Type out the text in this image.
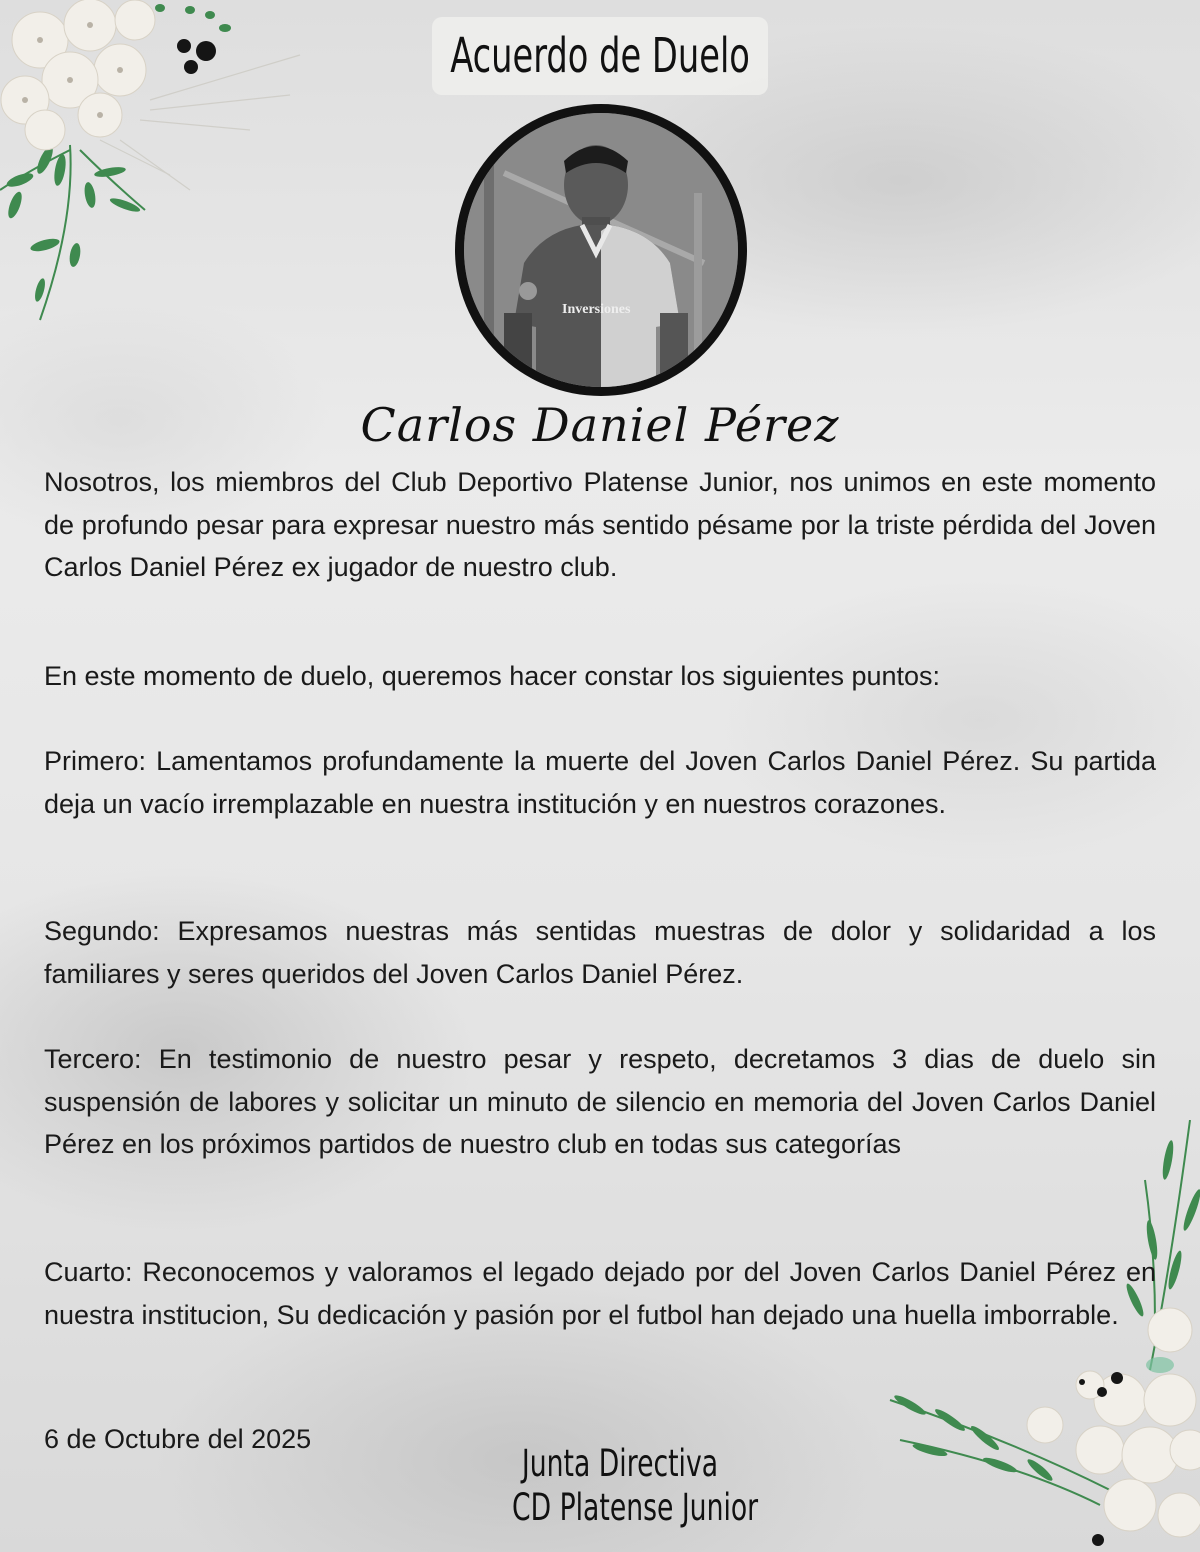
Acuerdo de Duelo
Inversiones
Carlos Daniel Pérez

Nosotros, los miembros del Club Deportivo Platense Junior, nos unimos en este momento de profundo pesar para expresar nuestro más sentido pésame por la triste pérdida del Joven Carlos Daniel Pérez ex jugador de nuestro club.

En este momento de duelo, queremos hacer constar los siguientes puntos:

Primero: Lamentamos profundamente la muerte del Joven Carlos Daniel Pérez. Su partida deja un vacío irremplazable en nuestra institución y en nuestros corazones.

Segundo: Expresamos nuestras más sentidas muestras de dolor y solidaridad a los familiares y seres queridos del Joven Carlos Daniel Pérez.

Tercero: En testimonio de nuestro pesar y respeto, decretamos 3 dias de duelo sin suspensión de labores y solicitar un minuto de silencio en memoria del Joven Carlos Daniel Pérez en los próximos partidos de nuestro club en todas sus categorías

Cuarto: Reconocemos y valoramos el legado dejado por del Joven Carlos Daniel Pérez en nuestra institucion, Su dedicación y pasión por el futbol han dejado una huella imborrable.

6 de Octubre del 2025
Junta Directiva
CD Platense Junior
